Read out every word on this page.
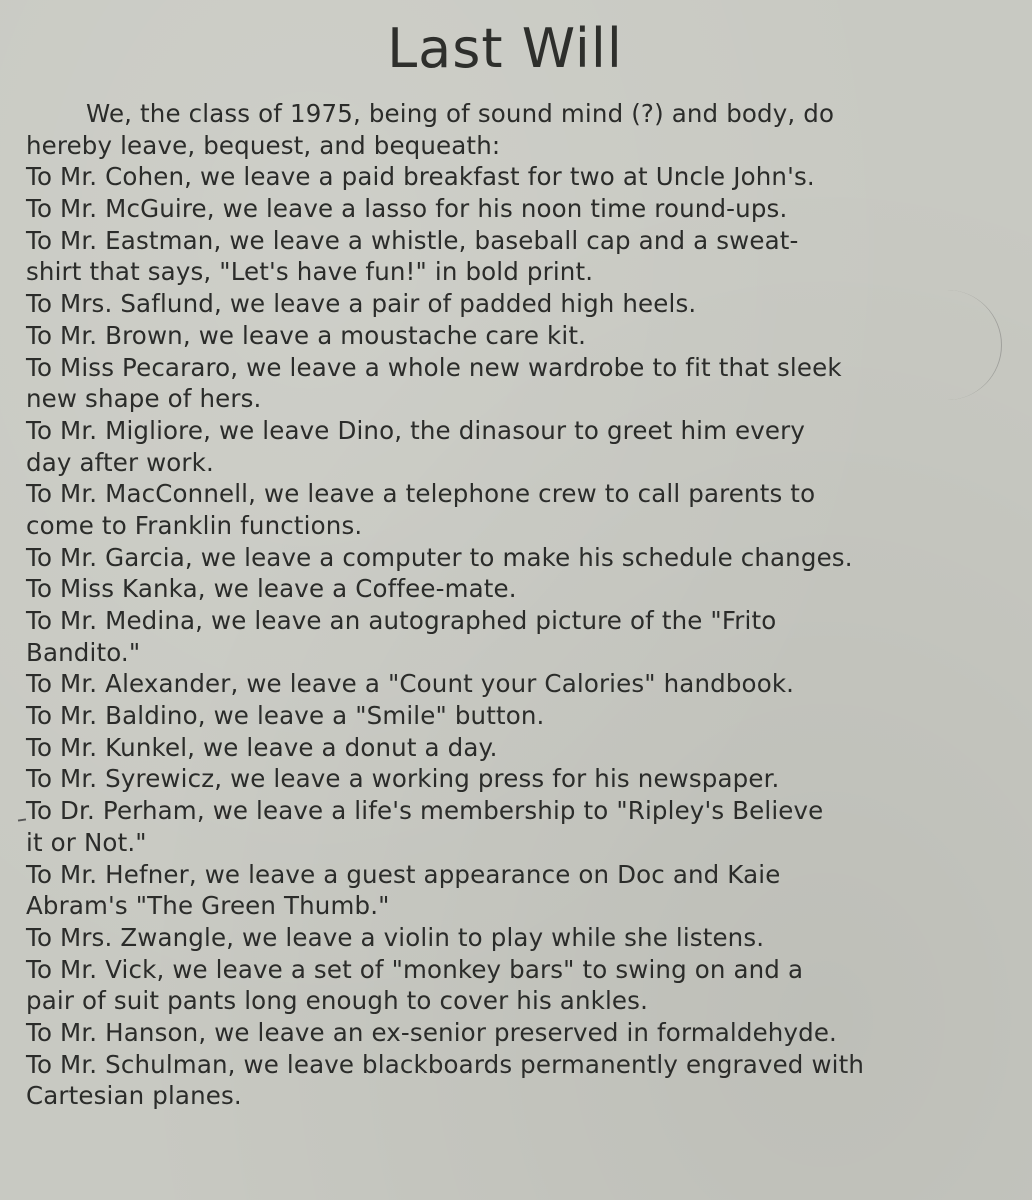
Last Will
We, the class of 1975, being of sound mind (?) and body, do
hereby leave, bequest, and bequeath:
To Mr. Cohen, we leave a paid breakfast for two at Uncle John's.
To Mr. McGuire, we leave a lasso for his noon time round-ups.
To Mr. Eastman, we leave a whistle, baseball cap and a sweat-
shirt that says, "Let's have fun!" in bold print.
To Mrs. Saflund, we leave a pair of padded high heels.
To Mr. Brown, we leave a moustache care kit.
To Miss Pecararo, we leave a whole new wardrobe to fit that sleek
new shape of hers.
To Mr. Migliore, we leave Dino, the dinasour to greet him every
day after work.
To Mr. MacConnell, we leave a telephone crew to call parents to
come to Franklin functions.
To Mr. Garcia, we leave a computer to make his schedule changes.
To Miss Kanka, we leave a Coffee-mate.
To Mr. Medina, we leave an autographed picture of the "Frito
Bandito."
To Mr. Alexander, we leave a "Count your Calories" handbook.
To Mr. Baldino, we leave a "Smile" button.
To Mr. Kunkel, we leave a donut a day.
To Mr. Syrewicz, we leave a working press for his newspaper.
To Dr. Perham, we leave a life's membership to "Ripley's Believe
it or Not."
To Mr. Hefner, we leave a guest appearance on Doc and Kaie
Abram's "The Green Thumb."
To Mrs. Zwangle, we leave a violin to play while she listens.
To Mr. Vick, we leave a set of "monkey bars" to swing on and a
pair of suit pants long enough to cover his ankles.
To Mr. Hanson, we leave an ex-senior preserved in formaldehyde.
To Mr. Schulman, we leave blackboards permanently engraved with
Cartesian planes.
